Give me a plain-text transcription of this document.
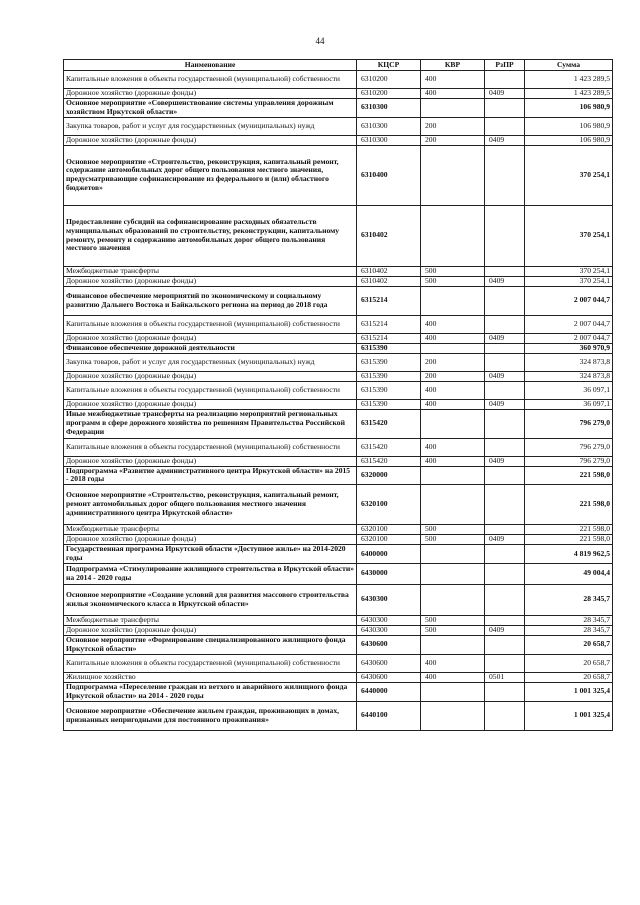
44
Наименование	КЦСР	КВР	РзПР	Сумма
Капитальные вложения в объекты государственной (муниципальной) собственности	6310200	400		1 423 289,5
Дорожное хозяйство (дорожные фонды)	6310200	400	0409	1 423 289,5
Основное мероприятие «Совершенствование системы управления дорожным хозяйством Иркутской области»	6310300			106 980,9
Закупка товаров, работ и услуг для государственных (муниципальных) нужд	6310300	200		106 980,9
Дорожное хозяйство (дорожные фонды)	6310300	200	0409	106 980,9
Основное мероприятие «Строительство, реконструкция, капитальный ремонт, содержание автомобильных дорог общего пользования местного значения, предусматривающие софинансирование из федерального и (или) областного бюджетов»	6310400			370 254,1
Предоставление субсидий на софинансирование расходных обязательств муниципальных образований по строительству, реконструкции, капитальному ремонту, ремонту и содержанию автомобильных дорог общего пользования местного значения	6310402			370 254,1
Межбюджетные трансферты	6310402	500		370 254,1
Дорожное хозяйство (дорожные фонды)	6310402	500	0409	370 254,1
Финансовое обеспечение мероприятий по экономическому и социальному развитию Дальнего Востока и Байкальского региона на период до 2018 года	6315214			2 007 044,7
Капитальные вложения в объекты государственной (муниципальной) собственности	6315214	400		2 007 044,7
Дорожное хозяйство (дорожные фонды)	6315214	400	0409	2 007 044,7
Финансовое обеспечение дорожной деятельности	6315390			360 970,9
Закупка товаров, работ и услуг для государственных (муниципальных) нужд	6315390	200		324 873,8
Дорожное хозяйство (дорожные фонды)	6315390	200	0409	324 873,8
Капитальные вложения в объекты государственной (муниципальной) собственности	6315390	400		36 097,1
Дорожное хозяйство (дорожные фонды)	6315390	400	0409	36 097,1
Иные межбюджетные трансферты на реализацию мероприятий региональных программ в сфере дорожного хозяйства по решениям Правительства Российской Федерации	6315420			796 279,0
Капитальные вложения в объекты государственной (муниципальной) собственности	6315420	400		796 279,0
Дорожное хозяйство (дорожные фонды)	6315420	400	0409	796 279,0
Подпрограмма «Развитие административного центра Иркутской области» на 2015 - 2018 годы	6320000			221 598,0
Основное мероприятие «Строительство, реконструкция, капитальный ремонт, ремонт автомобильных дорог общего пользования местного значения административного центра Иркутской области»	6320100			221 598,0
Межбюджетные трансферты	6320100	500		221 598,0
Дорожное хозяйство (дорожные фонды)	6320100	500	0409	221 598,0
Государственная программа Иркутской области «Доступное жилье» на 2014-2020 годы	6400000			4 819 962,5
Подпрограмма «Стимулирование жилищного строительства в Иркутской области» на 2014 - 2020 годы	6430000			49 004,4
Основное мероприятие «Создание условий для развития массового строительства жилья экономического класса в Иркутской области»	6430300			28 345,7
Межбюджетные трансферты	6430300	500		28 345,7
Дорожное хозяйство (дорожные фонды)	6430300	500	0409	28 345,7
Основное мероприятие «Формирование специализированного жилищного фонда Иркутской области»	6430600			20 658,7
Капитальные вложения в объекты государственной (муниципальной) собственности	6430600	400		20 658,7
Жилищное хозяйство	6430600	400	0501	20 658,7
Подпрограмма «Переселение граждан из ветхого и аварийного жилищного фонда Иркутской области» на 2014 - 2020 годы	6440000			1 001 325,4
Основное мероприятие «Обеспечение жильем граждан, проживающих в домах, признанных непригодными для постоянного проживания»	6440100			1 001 325,4
